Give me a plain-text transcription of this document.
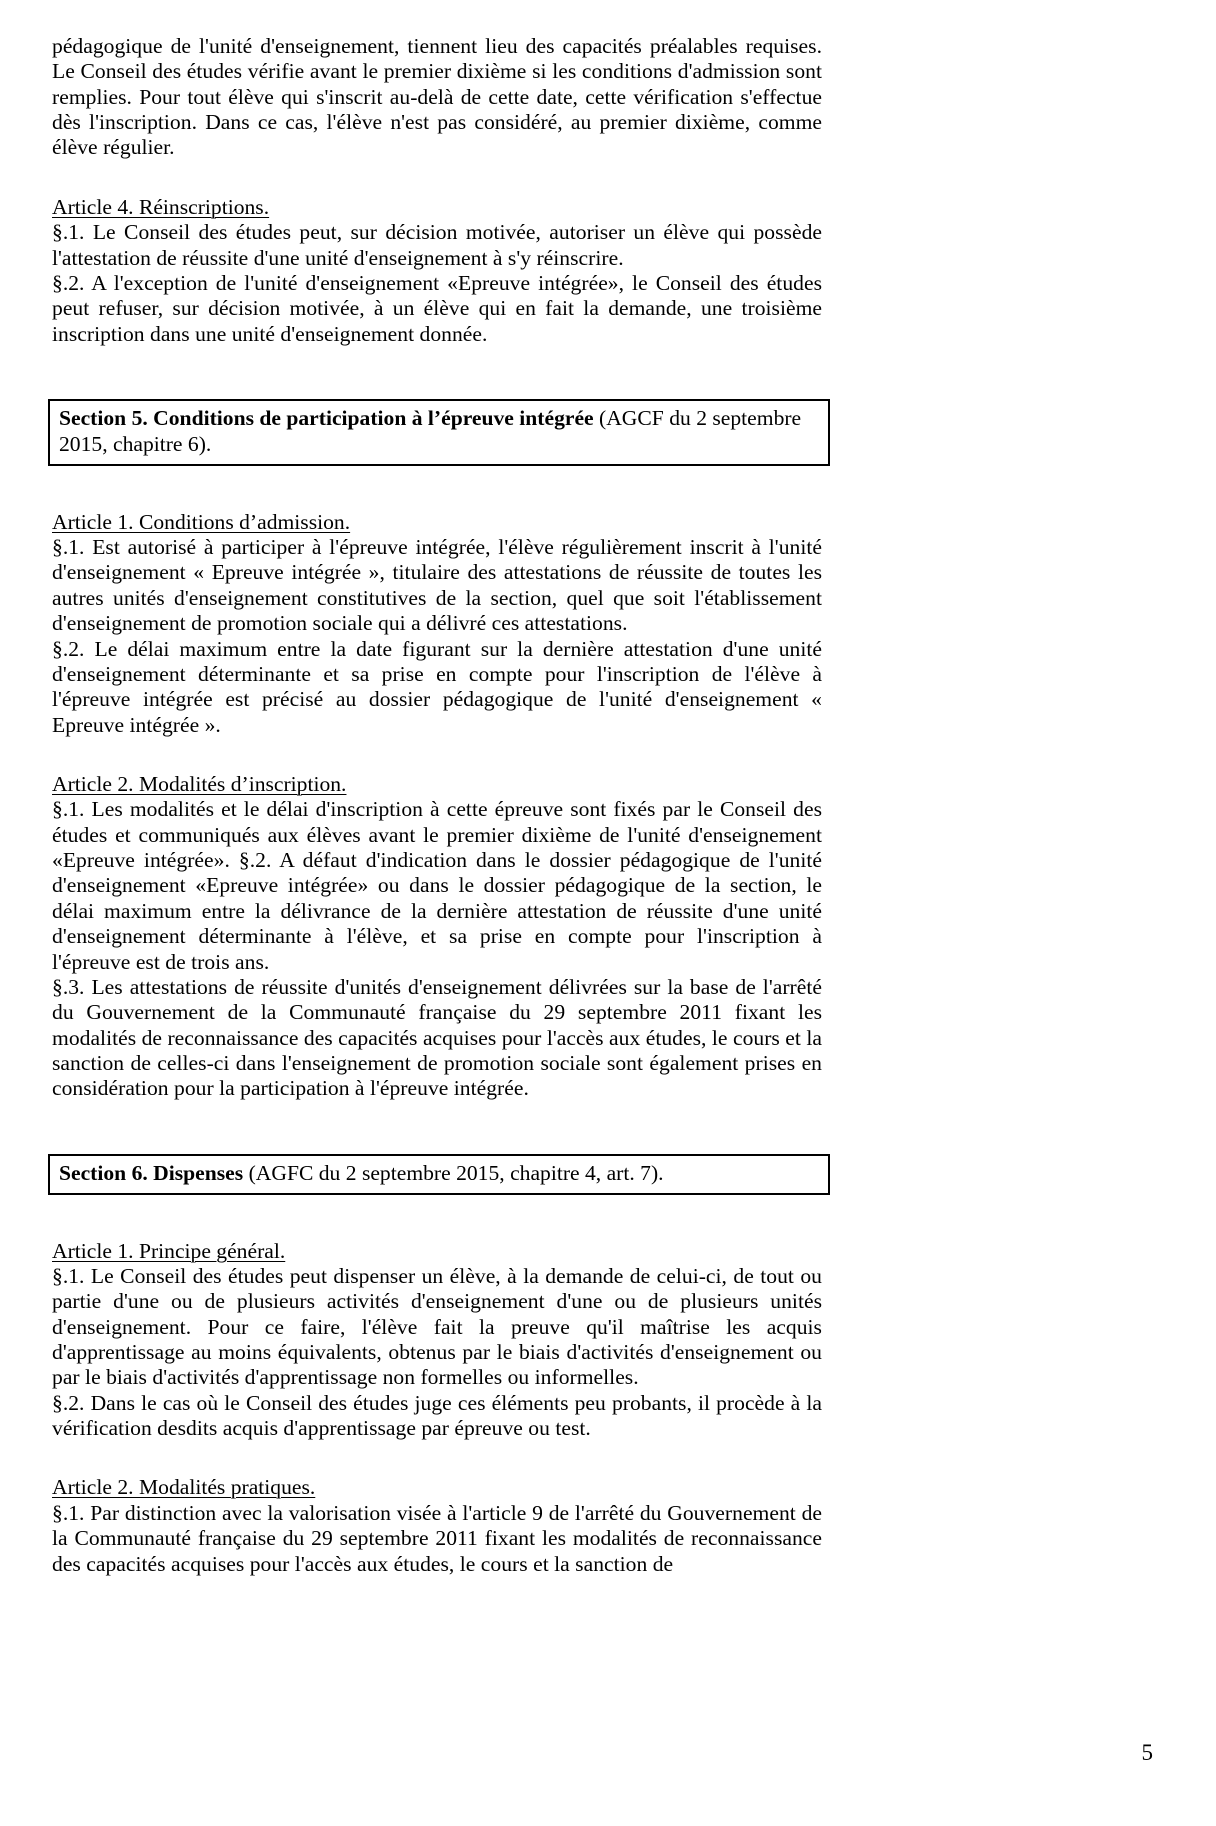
pédagogique de l'unité d'enseignement, tiennent lieu des capacités préalables requises. Le Conseil des études vérifie avant le premier dixième si les conditions d'admission sont remplies. Pour tout élève qui s'inscrit au-delà de cette date, cette vérification s'effectue dès l'inscription. Dans ce cas, l'élève n'est pas considéré, au premier dixième, comme élève régulier.

Article 4. Réinscriptions.

§.1. Le Conseil des études peut, sur décision motivée, autoriser un élève qui possède l'attestation de réussite d'une unité d'enseignement à s'y réinscrire.

§.2. A l'exception de l'unité d'enseignement «Epreuve intégrée», le Conseil des études peut refuser, sur décision motivée, à un élève qui en fait la demande, une troisième inscription dans une unité d'enseignement donnée.

Section 5. Conditions de participation à l’épreuve intégrée (AGCF du 2 septembre 2015, chapitre 6).

Article 1. Conditions d’admission.

§.1. Est autorisé à participer à l'épreuve intégrée, l'élève régulièrement inscrit à l'unité d'enseignement « Epreuve intégrée », titulaire des attestations de réussite de toutes les autres unités d'enseignement constitutives de la section, quel que soit l'établissement d'enseignement de promotion sociale qui a délivré ces attestations.

§.2. Le délai maximum entre la date figurant sur la dernière attestation d'une unité d'enseignement déterminante et sa prise en compte pour l'inscription de l'élève à l'épreuve intégrée est précisé au dossier pédagogique de l'unité d'enseignement « Epreuve intégrée ».

Article 2. Modalités d’inscription.

§.1. Les modalités et le délai d'inscription à cette épreuve sont fixés par le Conseil des études et communiqués aux élèves avant le premier dixième de l'unité d'enseignement «Epreuve intégrée». §.2. A défaut d'indication dans le dossier pédagogique de l'unité d'enseignement «Epreuve intégrée» ou dans le dossier pédagogique de la section, le délai maximum entre la délivrance de la dernière attestation de réussite d'une unité d'enseignement déterminante à l'élève, et sa prise en compte pour l'inscription à l'épreuve est de trois ans.

§.3. Les attestations de réussite d'unités d'enseignement délivrées sur la base de l'arrêté du Gouvernement de la Communauté française du 29 septembre 2011 fixant les modalités de reconnaissance des capacités acquises pour l'accès aux études, le cours et la sanction de celles-ci dans l'enseignement de promotion sociale sont également prises en considération pour la participation à l'épreuve intégrée.

Section 6. Dispenses (AGFC du 2 septembre 2015, chapitre 4, art. 7).

Article 1. Principe général.

§.1. Le Conseil des études peut dispenser un élève, à la demande de celui-ci, de tout ou partie d'une ou de plusieurs activités d'enseignement d'une ou de plusieurs unités d'enseignement. Pour ce faire, l'élève fait la preuve qu'il maîtrise les acquis d'apprentissage au moins équivalents, obtenus par le biais d'activités d'enseignement ou par le biais d'activités d'apprentissage non formelles ou informelles.

§.2. Dans le cas où le Conseil des études juge ces éléments peu probants, il procède à la vérification desdits acquis d'apprentissage par épreuve ou test.

Article 2. Modalités pratiques.

§.1. Par distinction avec la valorisation visée à l'article 9 de l'arrêté du Gouvernement de la Communauté française du 29 septembre 2011 fixant les modalités de reconnaissance des capacités acquises pour l'accès aux études, le cours et la sanction de

5
